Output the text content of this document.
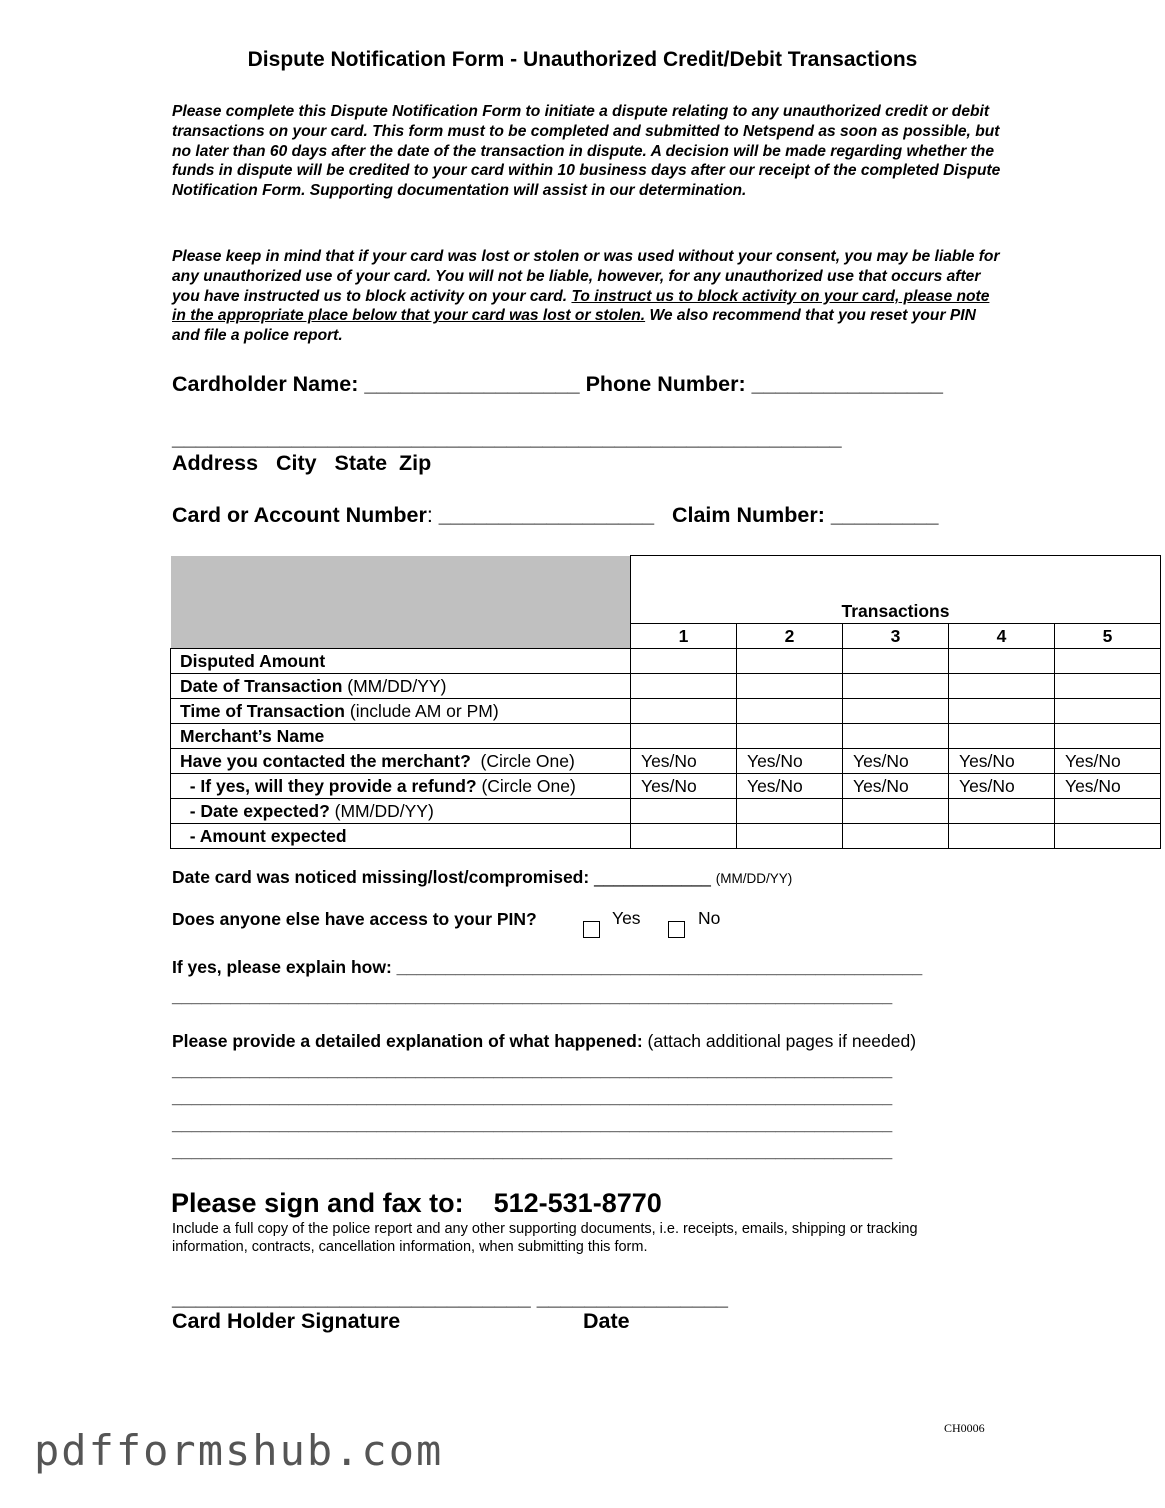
Dispute Notification Form - Unauthorized Credit/Debit Transactions
Please complete this Dispute Notification Form to initiate a dispute relating to any unauthorized credit or debit transactions on your card. This form must to be completed and submitted to Netspend as soon as possible, but no later than 60 days after the date of the transaction in dispute. A decision will be made regarding whether the funds in dispute will be credited to your card within 10 business days after our receipt of the completed Dispute Notification Form. Supporting documentation will assist in our determination.
Please keep in mind that if your card was lost or stolen or was used without your consent, you may be liable for any unauthorized use of your card. You will not be liable, however, for any unauthorized use that occurs after you have instructed us to block activity on your card. To instruct us to block activity on your card, please note in the appropriate place below that your card was lost or stolen. We also recommend that you reset your PIN and file a police report.
Cardholder Name: __________________ Phone Number: ________________
________________________________________________________
Address   City   State  Zip
Card or Account Number: __________________   Claim Number: _________
	Transactions				
	1	2	3	4	5
Disputed Amount					
Date of Transaction (MM/DD/YY)					
Time of Transaction (include AM or PM)					
Merchant’s Name					
Have you contacted the merchant?  (Circle One)	Yes/No	Yes/No	Yes/No	Yes/No	Yes/No
- If yes, will they provide a refund? (Circle One)	Yes/No	Yes/No	Yes/No	Yes/No	Yes/No
- Date expected? (MM/DD/YY)					
- Amount expected					
Date card was noticed missing/lost/compromised: ____________ (MM/DD/YY)
Does anyone else have access to your PIN?	Yes	No
If yes, please explain how: ______________________________________________________
__________________________________________________________________________
Please provide a detailed explanation of what happened: (attach additional pages if needed)
__________________________________________________________________________
__________________________________________________________________________
__________________________________________________________________________
__________________________________________________________________________
Please sign and fax to: 512-531-8770
Include a full copy of the police report and any other supporting documents, i.e. receipts, emails, shipping or tracking information, contracts, cancellation information, when submitting this form.
______________________________ ________________
Card Holder Signature	Date
CH0006
pdfformshub.com
